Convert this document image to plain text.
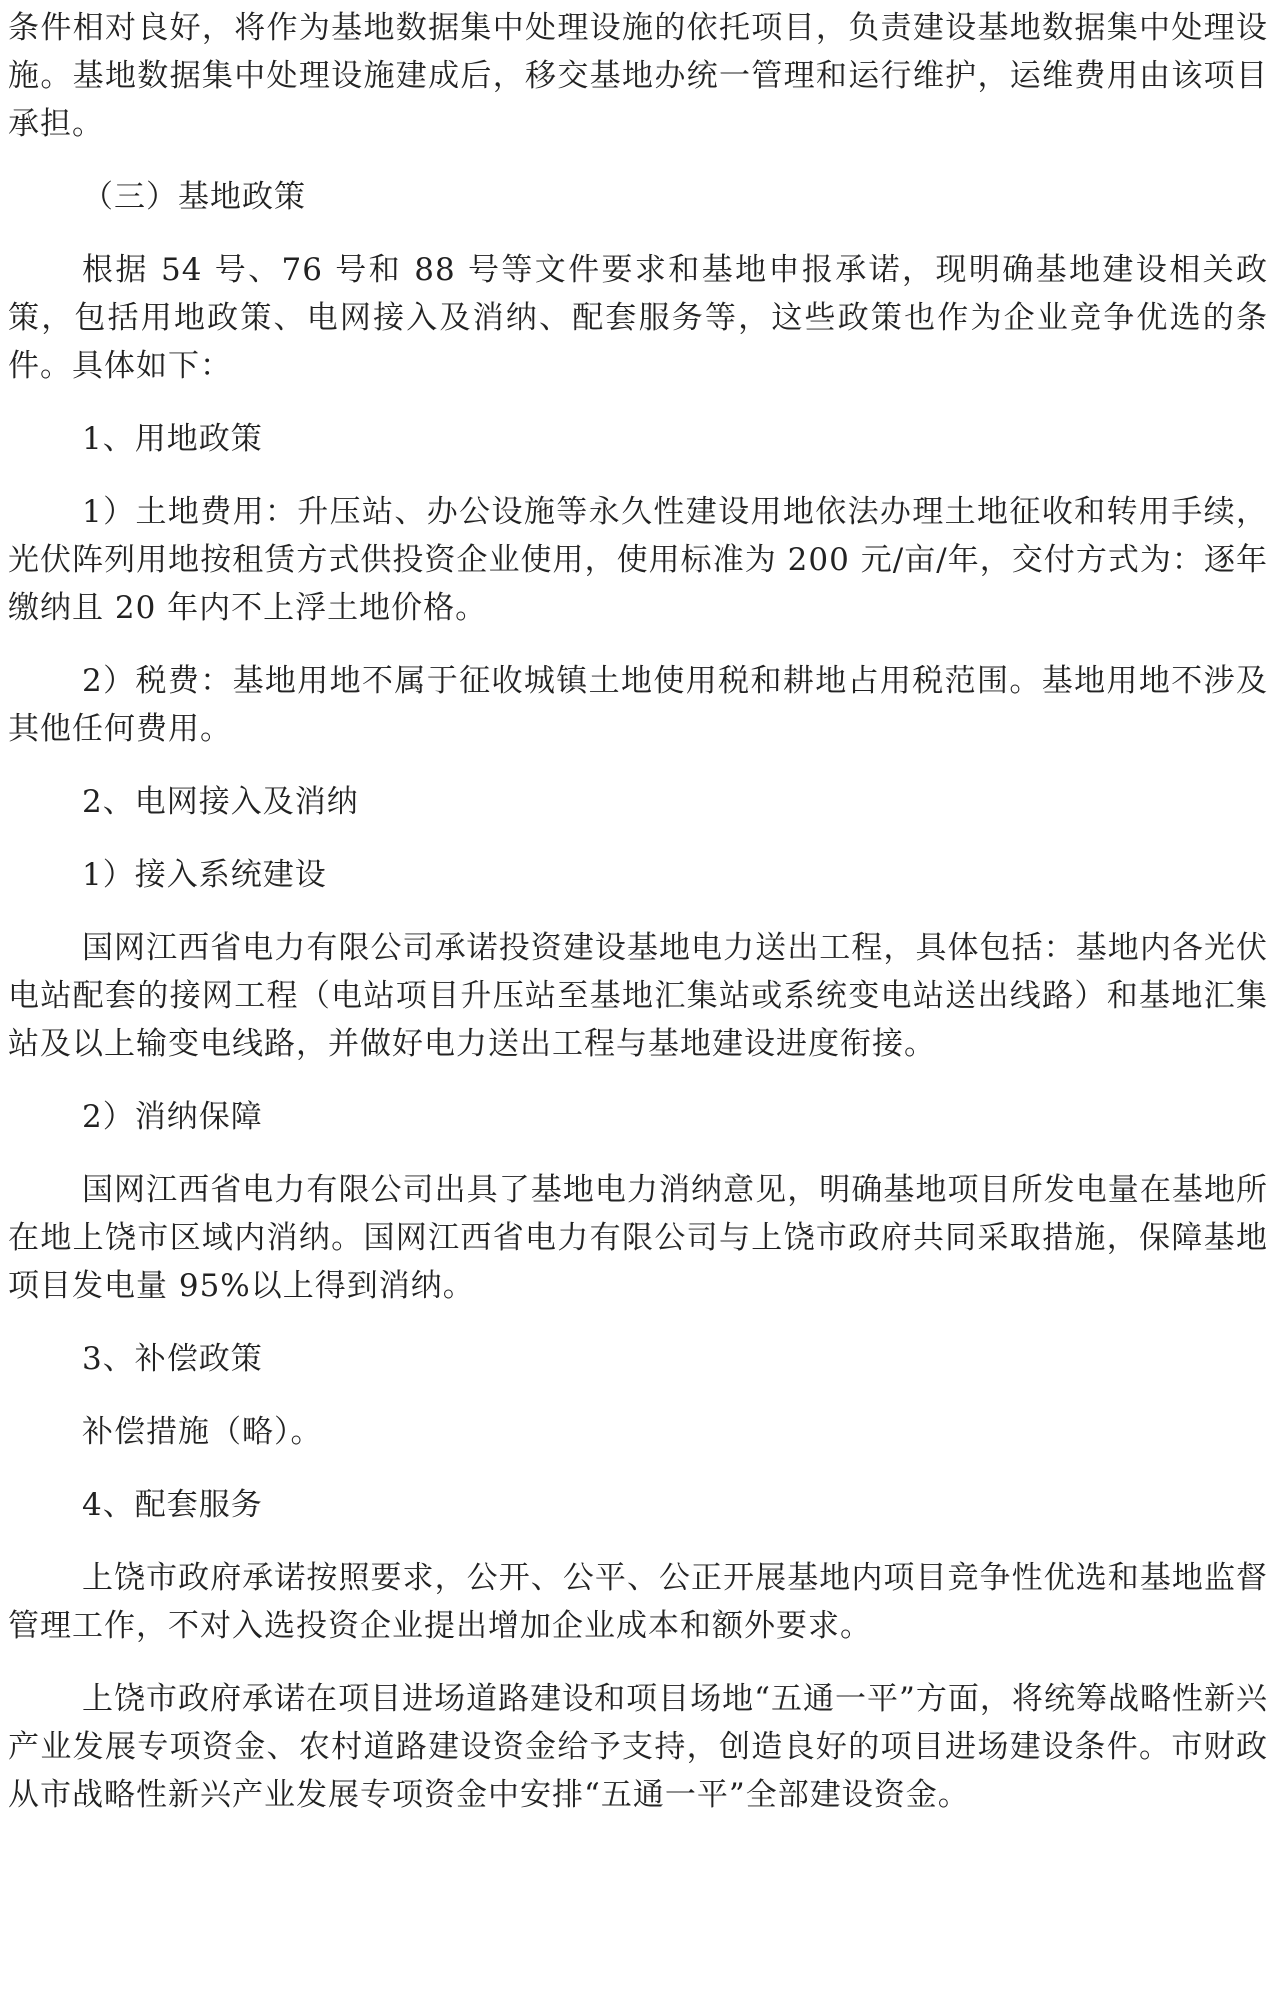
条件相对良好，将作为基地数据集中处理设施的依托项目，负责建设基地数据集中处理设施。基地数据集中处理设施建成后，移交基地办统一管理和运行维护，运维费用由该项目承担。

（三）基地政策

根据 54 号、76 号和 88 号等文件要求和基地申报承诺，现明确基地建设相关政策，包括用地政策、电网接入及消纳、配套服务等，这些政策也作为企业竞争优选的条件。具体如下：

1、用地政策

1）土地费用：升压站、办公设施等永久性建设用地依法办理土地征收和转用手续，光伏阵列用地按租赁方式供投资企业使用，使用标准为 200 元/亩/年，交付方式为：逐年缴纳且 20 年内不上浮土地价格。

2）税费：基地用地不属于征收城镇土地使用税和耕地占用税范围。基地用地不涉及其他任何费用。

2、电网接入及消纳

1）接入系统建设

国网江西省电力有限公司承诺投资建设基地电力送出工程，具体包括：基地内各光伏电站配套的接网工程（电站项目升压站至基地汇集站或系统变电站送出线路）和基地汇集站及以上输变电线路，并做好电力送出工程与基地建设进度衔接。

2）消纳保障

国网江西省电力有限公司出具了基地电力消纳意见，明确基地项目所发电量在基地所在地上饶市区域内消纳。国网江西省电力有限公司与上饶市政府共同采取措施，保障基地项目发电量 95%以上得到消纳。

3、补偿政策

补偿措施（略）。

4、配套服务

上饶市政府承诺按照要求，公开、公平、公正开展基地内项目竞争性优选和基地监督管理工作，不对入选投资企业提出增加企业成本和额外要求。

上饶市政府承诺在项目进场道路建设和项目场地“五通一平”方面，将统筹战略性新兴产业发展专项资金、农村道路建设资金给予支持，创造良好的项目进场建设条件。市财政从市战略性新兴产业发展专项资金中安排“五通一平”全部建设资金。
